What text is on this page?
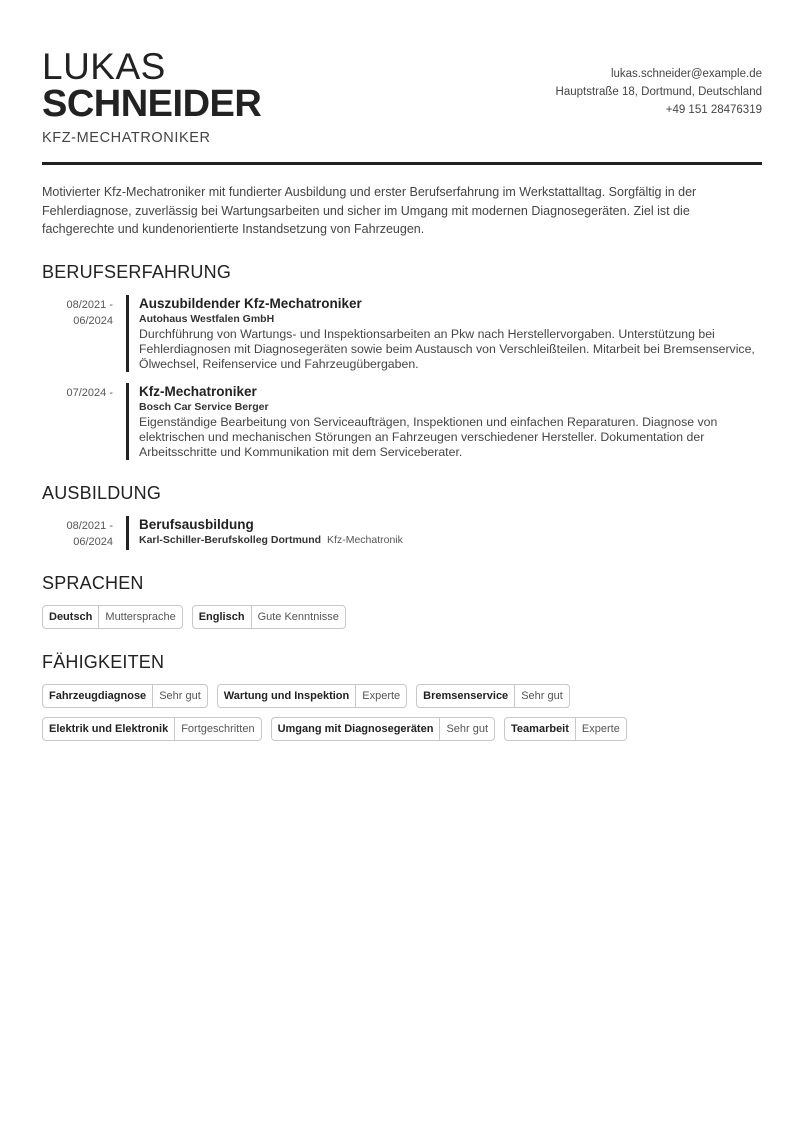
LUKAS
SCHNEIDER
KFZ-MECHATRONIKER
lukas.schneider@example.de
Hauptstraße 18, Dortmund, Deutschland
+49 151 28476319
Motivierter Kfz-Mechatroniker mit fundierter Ausbildung und erster Berufserfahrung im Werkstattalltag. Sorgfältig in der Fehlerdiagnose, zuverlässig bei Wartungsarbeiten und sicher im Umgang mit modernen Diagnosegeräten. Ziel ist die fachgerechte und kundenorientierte Instandsetzung von Fahrzeugen.
BERUFSERFAHRUNG
08/2021 -
06/2024
Auszubildender Kfz-Mechatroniker
Autohaus Westfalen GmbH
Durchführung von Wartungs- und Inspektionsarbeiten an Pkw nach Herstellervorgaben. Unterstützung bei Fehlerdiagnosen mit Diagnosegeräten sowie beim Austausch von Verschleißteilen. Mitarbeit bei Bremsenservice, Ölwechsel, Reifenservice und Fahrzeugübergaben.
07/2024 - Kfz-Mechatroniker
Bosch Car Service Berger
Eigenständige Bearbeitung von Serviceaufträgen, Inspektionen und einfachen Reparaturen. Diagnose von elektrischen und mechanischen Störungen an Fahrzeugen verschiedener Hersteller. Dokumentation der Arbeitsschritte und Kommunikation mit dem Serviceberater.
AUSBILDUNG
08/2021 -
06/2024
Berufsausbildung
Karl-Schiller-Berufskolleg Dortmund Kfz-Mechatronik
SPRACHEN
Deutsch	Muttersprache	Englisch	Gute Kenntnisse
FÄHIGKEITEN
Fahrzeugdiagnose	Sehr gut	Wartung und Inspektion	Experte	Bremsenservice	Sehr gut
Elektrik und Elektronik	Fortgeschritten	Umgang mit Diagnosegeräten	Sehr gut	Teamarbeit	Experte
